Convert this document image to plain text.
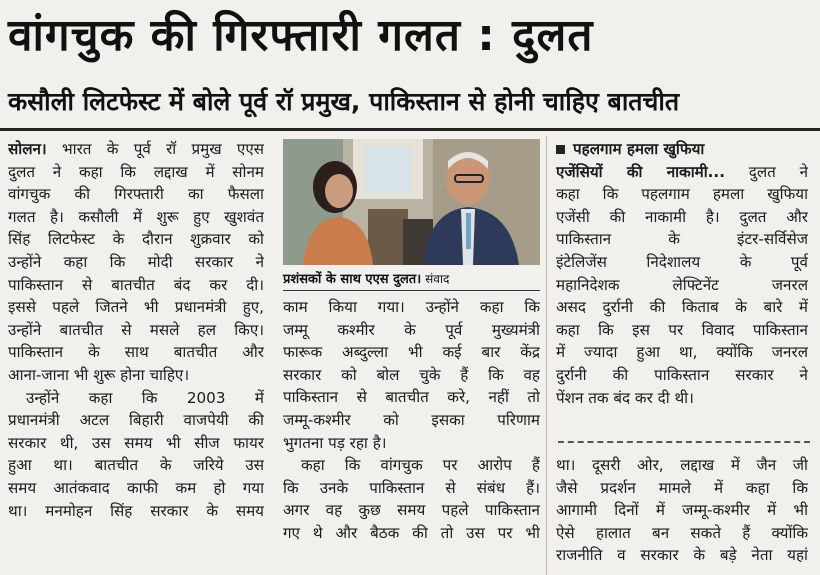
वांगचुक की गिरफ्तारी गलत : दुलत
कसौली लिटफेस्ट में बोले पूर्व रॉ प्रमुख, पाकिस्तान से होनी चाहिए बातचीत
सोलन। भारत के पूर्व रॉ प्रमुख एएस
दुलत ने कहा कि लद्दाख में सोनम
वांगचुक की गिरफ्तारी का फैसला
गलत है। कसौली में शुरू हुए खुशवंत
सिंह लिटफेस्ट के दौरान शुक्रवार को
उन्होंने कहा कि मोदी सरकार ने
पाकिस्तान से बातचीत बंद कर दी।
इससे पहले जितने भी प्रधानमंत्री हुए,
उन्होंने बातचीत से मसले हल किए।
पाकिस्तान के साथ बातचीत और
आना-जाना भी शुरू होना चाहिए।
उन्होंने कहा कि 2003 में
प्रधानमंत्री अटल बिहारी वाजपेयी की
सरकार थी, उस समय भी सीज फायर
हुआ था। बातचीत के जरिये उस
समय आतंकवाद काफी कम हो गया
था। मनमोहन सिंह सरकार के समय
प्रशंसकों के साथ एएस दुलत। संवाद
काम किया गया। उन्होंने कहा कि
जम्मू कश्मीर के पूर्व मुख्यमंत्री
फारूक अब्दुल्ला भी कई बार केंद्र
सरकार को बोल चुके हैं कि वह
पाकिस्तान से बातचीत करे, नहीं तो
जम्मू-कश्मीर को इसका परिणाम
भुगतना पड़ रहा है।
कहा कि वांगचुक पर आरोप हैं
कि उनके पाकिस्तान से संबंध हैं।
अगर वह कुछ समय पहले पाकिस्तान
गए थे और बैठक की तो उस पर भी
पहलगाम हमला खुफिया
एजेंसियों की नाकामी... दुलत ने
कहा कि पहलगाम हमला खुफिया
एजेंसी की नाकामी है। दुलत और
पाकिस्तान के इंटर-सर्विसेज
इंटेलिजेंस निदेशालय के पूर्व
महानिदेशक लेफ्टिनेंट जनरल
असद दुर्रानी की किताब के बारे में
कहा कि इस पर विवाद पाकिस्तान
में ज्यादा हुआ था, क्योंकि जनरल
दुर्रानी की पाकिस्तान सरकार ने
पेंशन तक बंद कर दी थी।
था। दूसरी ओर, लद्दाख में जैन जी
जैसे प्रदर्शन मामले में कहा कि
आगामी दिनों में जम्मू-कश्मीर में भी
ऐसे हालात बन सकते हैं क्योंकि
राजनीति व सरकार के बड़े नेता यहां
